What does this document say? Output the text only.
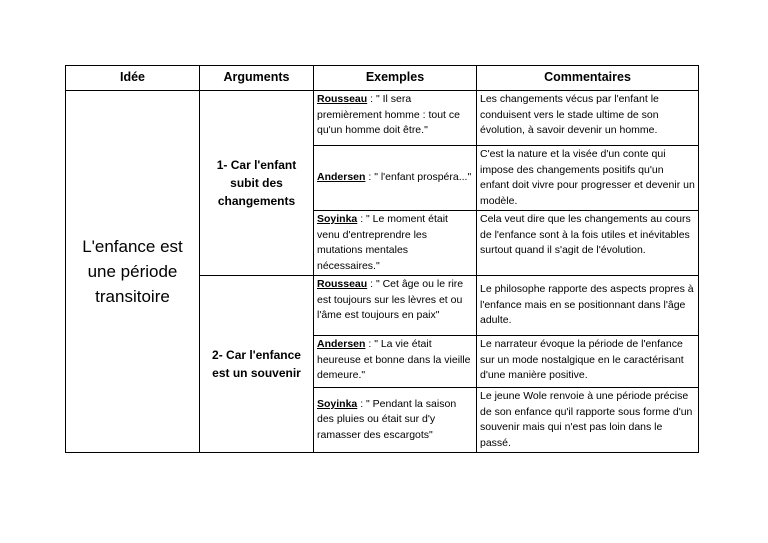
Idée	Arguments	Exemples	Commentaires
L'enfance est une période transitoire	1- Car l'enfant subit des changements	Rousseau : " Il sera premièrement homme : tout ce qu'un homme doit être."	Les changements vécus par l'enfant le conduisent vers le stade ultime de son évolution, à savoir devenir un homme.
		Andersen : " l'enfant prospéra..."	C'est la nature et la visée d'un conte qui impose des changements positifs qu'un enfant doit vivre pour progresser et devenir un modèle.
		Soyinka : " Le moment était venu d'entreprendre les mutations mentales nécessaires."	Cela veut dire que les changements au cours de l'enfance sont à la fois utiles et inévitables surtout quand il s'agit de l'évolution.
	2- Car l'enfance est un souvenir	Rousseau : " Cet âge ou le rire est toujours sur les lèvres et ou l'âme est toujours en paix"	Le philosophe rapporte des aspects propres à l'enfance mais en se positionnant dans l'âge adulte.
		Andersen : " La vie était heureuse et bonne dans la vieille demeure."	Le narrateur évoque la période de l'enfance sur un mode nostalgique en le caractérisant d'une manière positive.
		Soyinka : " Pendant la saison des pluies ou était sur d'y ramasser des escargots"	Le jeune Wole renvoie à une période précise de son enfance qu'il rapporte sous forme d'un souvenir mais qui n'est pas loin dans le passé.
